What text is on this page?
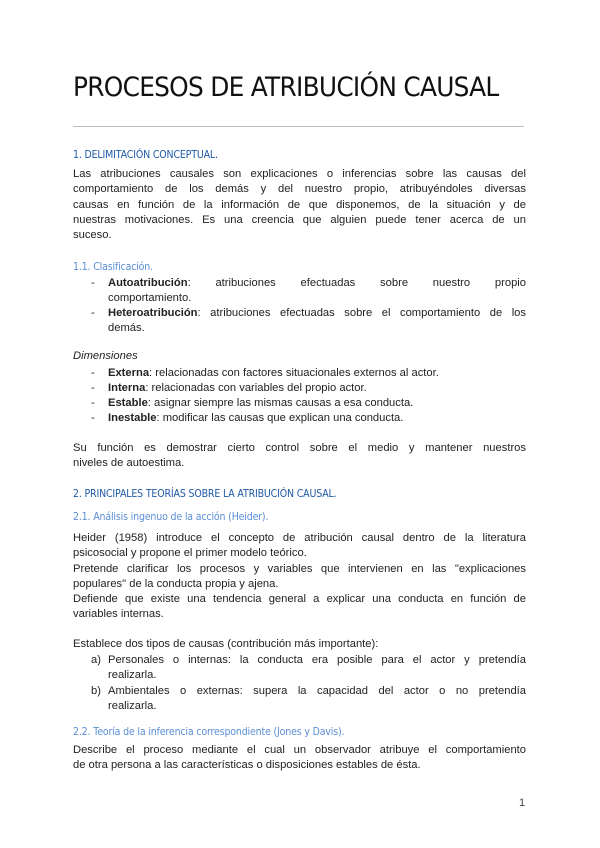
PROCESOS DE ATRIBUCIÓN CAUSAL
1. DELIMITACIÓN CONCEPTUAL.
Las atribuciones causales son explicaciones o inferencias sobre las causas del
comportamiento de los demás y del nuestro propio, atribuyéndoles diversas
causas en función de la información de que disponemos, de la situación y de
nuestras motivaciones. Es una creencia que alguien puede tener acerca de un
suceso.
1.1. Clasificación.
-	Autoatribución: atribuciones efectuadas sobre nuestro propio
comportamiento.
-	Heteroatribución: atribuciones efectuadas sobre el comportamiento de los
demás.
Dimensiones
-	Externa: relacionadas con factores situacionales externos al actor.
-	Interna: relacionadas con variables del propio actor.
-	Estable: asignar siempre las mismas causas a esa conducta.
-	Inestable: modificar las causas que explican una conducta.
Su función es demostrar cierto control sobre el medio y mantener nuestros
niveles de autoestima.
2. PRINCIPALES TEORÍAS SOBRE LA ATRIBUCIÓN CAUSAL.
2.1. Análisis ingenuo de la acción (Heider).
Heider (1958) introduce el concepto de atribución causal dentro de la literatura
psicosocial y propone el primer modelo teórico.
Pretende clarificar los procesos y variables que intervienen en las "explicaciones
populares" de la conducta propia y ajena.
Defiende que existe una tendencia general a explicar una conducta en función de
variables internas.
Establece dos tipos de causas (contribución más importante):
a) Personales o internas: la conducta era posible para el actor y pretendía
realizarla.
b) Ambientales o externas: supera la capacidad del actor o no pretendía
realizarla.
2.2. Teoría de la inferencia correspondiente (Jones y Davis).
Describe el proceso mediante el cual un observador atribuye el comportamiento
de otra persona a las características o disposiciones estables de ésta.
1
